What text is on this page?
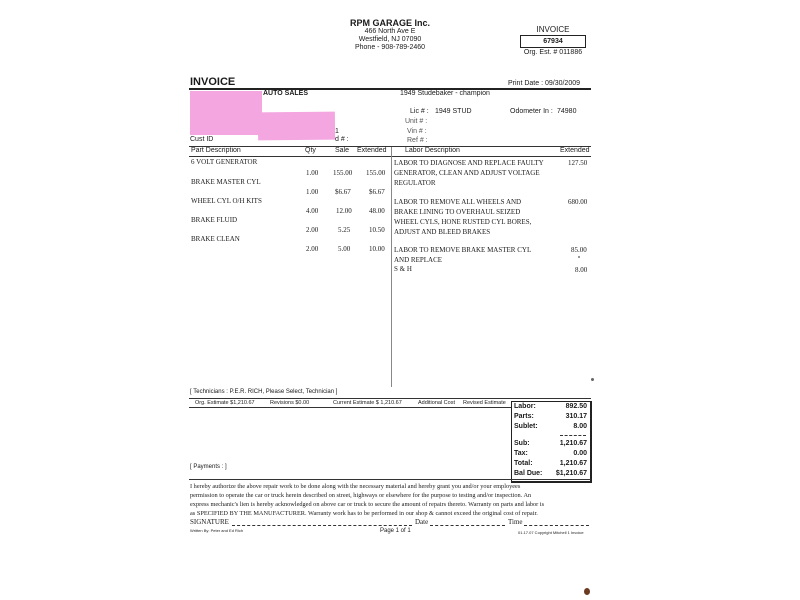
RPM GARAGE Inc.
466 North Ave E
Westfield, NJ 07090
Phone - 908-789-2460
INVOICE
67934
Org. Est. # 011886
INVOICE	Print Date : 09/30/2009
AUTO SALES
Cust ID
1
d # :
1949 Studebaker - champion
Lic # : 1949 STUD	Odometer In : 74980
Unit # :
Vin # :
Ref # :
Part Description	Qty	Sale Extended	Labor Description	Extended
6 VOLT GENERATOR
1.00 155.00 155.00
BRAKE MASTER CYL
1.00 $6.67	$6.67
WHEEL CYL O/H KITS
4.00	12.00 48.00
BRAKE FLUID
2.00	5.25	10.50
BRAKE CLEAN
2.00	5.00	10.00
LABOR TO DIAGNOSE AND REPLACE FAULTY
GENERATOR, CLEAN AND ADJUST VOLTAGE
REGULATOR
127.50
LABOR TO REMOVE ALL WHEELS AND
BRAKE LINING TO OVERHAUL SEIZED
WHEEL CYLS, HONE RUSTED CYL BORES,
ADJUST AND BLEED BRAKES
680.00
LABOR TO REMOVE BRAKE MASTER CYL
AND REPLACE
85.00
S & H	8.00
[ Technicians : P.E.R. RICH, Please Select, Technician ]
Org. Estimate $1,210.67	Revisions $0.00	Current Estimate $ 1,210.67	Additional Cost Revised Estimate Labor:	892.50
Parts:	310.17
Sublet:	8.00
Sub:	1,210.67
Tax:	0.00
Total:	1,210.67
Bal Due:	$1,210.67
[ Payments : ]
I hereby authorize the above repair work to be done along with the necessary material and hereby grant you and/or your employees
permission to operate the car or truck herein described on street, highways or elsewhere for the purpose to testing and/or inspection. An
express mechanic's lien is hereby acknowledged on above car or truck to secure the amount of repairs thereto. Warranty on parts and labor is
as SPECIFIED BY THE MANUFACTURER. Warranty work has to be performed in our shop & cannot exceed the original cost of repair.
SIGNATURE	Date	Time
Written By: Peter and Ed Rich	Page 1 of 1	01.17.07 Copyright Mitchell 1 Invoice
